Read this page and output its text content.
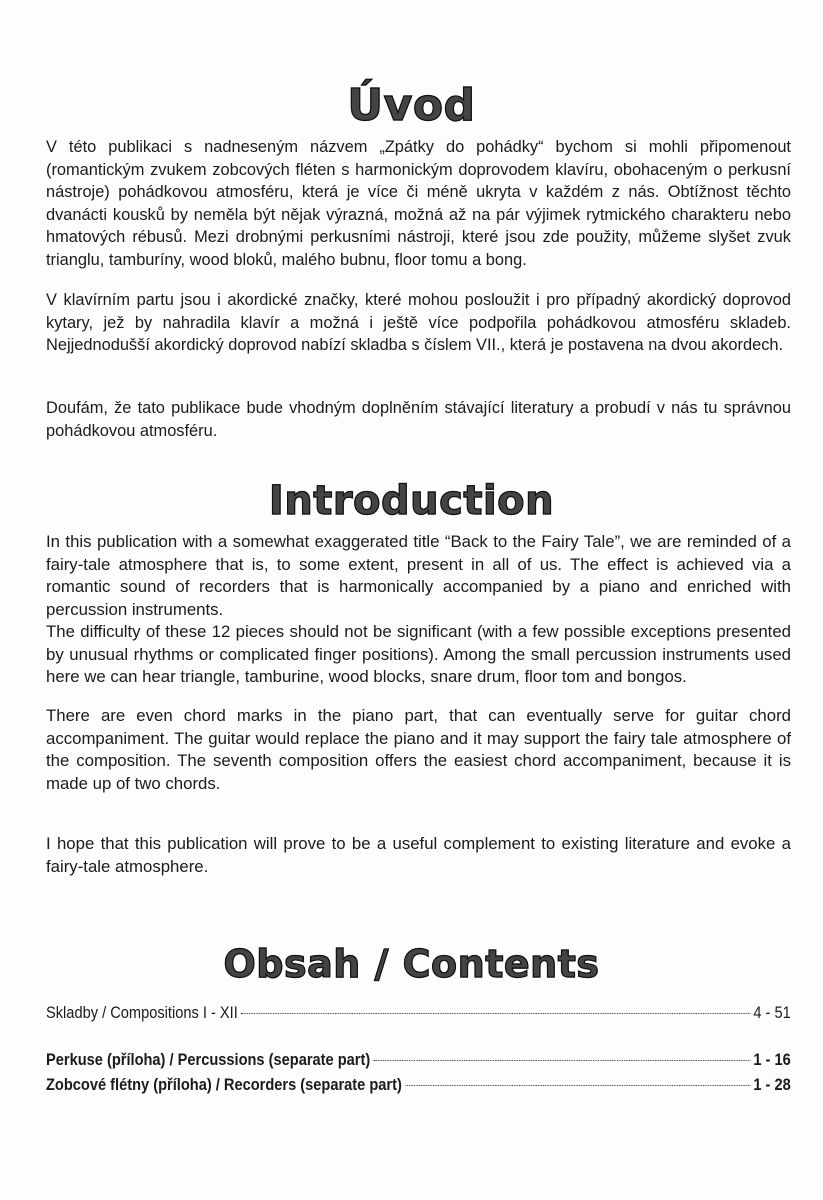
Úvod

V této publikaci s nadneseným názvem „Zpátky do pohádky“ bychom si mohli připomenout (romantickým zvukem zobcových fléten s harmonickým doprovodem klavíru, obohaceným o perkusní nástroje) pohádkovou atmosféru, která je více či méně ukryta v každém z nás. Obtížnost těchto dvanácti kousků by neměla být nějak výrazná, možná až na pár výjimek rytmického charakteru nebo hmatových rébusů. Mezi drobnými perkusními nástroji, které jsou zde použity, můžeme slyšet zvuk trianglu, tamburíny, wood bloků, malého bubnu, floor tomu a bong.

V klavírním partu jsou i akordické značky, které mohou posloužit i pro případný akordický doprovod kytary, jež by nahradila klavír a možná i ještě více podpořila pohádkovou atmosféru skladeb. Nejjednodušší akordický doprovod nabízí skladba s číslem VII., která je postavena na dvou akordech.

Doufám, že tato publikace bude vhodným doplněním stávající literatury a probudí v nás tu správnou pohádkovou atmosféru.

Introduction
In this publication with a somewhat exaggerated title “Back to the Fairy Tale”, we are reminded of a fairy-tale atmosphere that is, to some extent, present in all of us. The effect is achieved via a romantic sound of recorders that is harmonically accompanied by a piano and enriched with percussion instruments.
The difficulty of these 12 pieces should not be significant (with a few possible exceptions presented by unusual rhythms or complicated finger positions). Among the small percussion instruments used here we can hear triangle, tamburine, wood blocks, snare drum, floor tom and bongos.

There are even chord marks in the piano part, that can eventually serve for guitar chord accompaniment. The guitar would replace the piano and it may support the fairy tale atmosphere of the composition. The seventh composition offers the easiest chord accompaniment, because it is made up of two chords.

I hope that this publication will prove to be a useful complement to existing literature and evoke a fairy-tale atmosphere.

Obsah / Contents
Skladby / Compositions I - XII	4 - 51
Perkuse (příloha) / Percussions (separate part)	1 - 16
Zobcové flétny (příloha) / Recorders (separate part)	1 - 28
